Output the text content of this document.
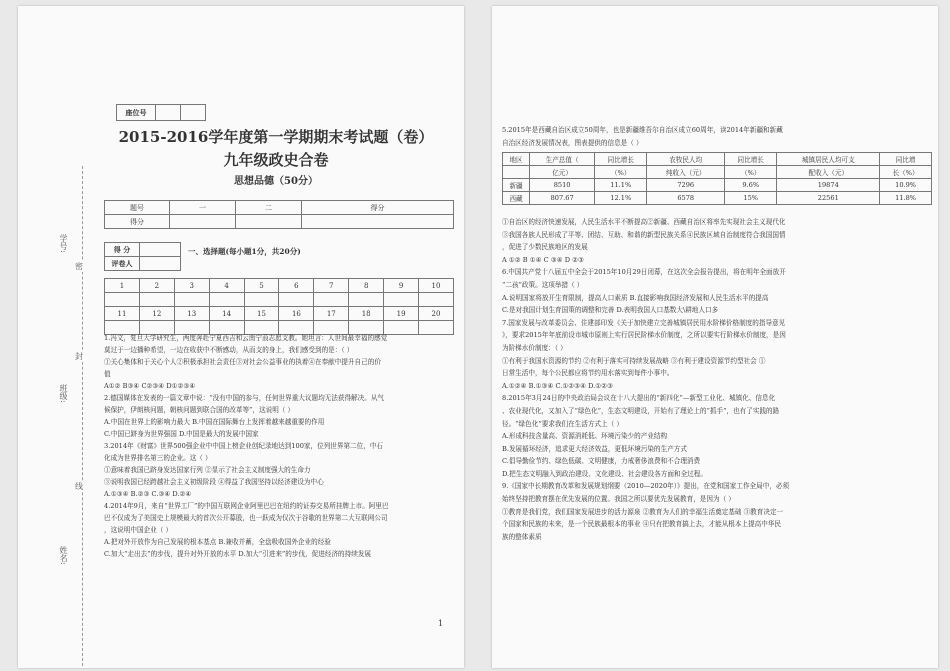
密
封
线
学号:
班级:
姓名:
座位号		
2015-2016学年度第一学期期末考试题（卷）
九年级政史合卷
思想品德（50分）
题号	一	二	得分
得分			
得 分	
评卷人	
一、选择题(每小题1分，共20分)
1	2	3	4	5	6	7	8	9	10

11	12	13	14	15	16	17	18	19	20

1.冯文，复旦大学研究生，两度奔赴宁夏西吉和云南宁蒗志愿支教。她坦言：人世间最幸福的感觉
莫过于一边播种希望，一边在收获中不断感动，从而支的身上，我们感受到的是：（ ）
①关心集体和于关心个人②积极承担社会责任③对社会公益事业的执着④在奉献中提升自己的价
值
A①② B③④ C②③④ D①②③④
2.德国媒体在发表的一篇文章中说：“没有中国的参与，任何世界重大议题均无法获得解决。从气
候保护，伊朗核问题，朝核问题到联合国的改革等”，这说明（ ）
A.中国在世界上的影响力最大 B.中国在国际舞台上发挥着越来越重要的作用
C.中国已跻身为世界强国 D.中国是最大的发展中国家
3.2014年《财富》世界500强企业中中国上榜企业创纪录地达到100家，位列世界第二位，中石
化成为世界排名第三的企业。这（ ）
①意味着我国已跻身发达国家行列 ②显示了社会主义制度强大的生命力
③说明我国已经跨越社会主义初级阶段 ④得益了我国坚持以经济建设为中心
A.①③④ B.②③ C.③④ D.②④
4.2014年9月，来自“世界工厂”的中国互联网企业阿里巴巴在纽约的证券交易所挂牌上市。阿里巴
巴不仅成为了美国史上规模最大的首次公开募股，也一跃成为仅次于谷歌的世界第二大互联网公司
，这说明中国企业（ ）
A.把对外开放作为自己发展的根本基点 B.兼收并蓄，全盘吸收国外企业的经验
C.加大“走出去”的步伐，提升对外开放的水平 D.加大“引进来”的步伐，促进经济的持续发展
1
5.2015年是西藏自治区成立50周年，也是新疆维吾尔自治区成立60周年，读2014年新疆和新藏
自治区经济发展情况表，图表提供的信息是（ ）
地区	生产总值（	同比增长	农牧民人均	同比增长	城镇居民人均可支	同比增
	亿元）	（%）	纯收入（元）	（%）	配收入（元）	长（%）
新疆	8510	11.1%	7296	9.6%	19874	10.9%
西藏	807.67	12.1%	6578	15%	22561	11.8%
①自治区的经济快速发展，人民生活水平不断提高②新疆、西藏自治区将率先实现社会主义现代化
③我国各族人民形成了平等、团结、互助、和谐的新型民族关系④民族区域自治制度符合我国国情
，促进了少数民族地区的发展
A ①② B ①④ C ③④ D ②③
6.中国共产党十八届五中全会于2015年10月29日闭幕，在这次全会报告提出，将在明年全面放开
“二孩”政策。这项举措（ ）
A.说明国家将放开生育限制，提高人口素质 B.直接影响我国经济发展和人民生活水平的提高
C.是对我国计划生育国策的调整和完善 D.表明我国人口基数大\耕地人口多
7.国家发展与改革委员会、住建部印发《关于加快建立完善城镇居民用水阶梯价格制度的指导意见
》，要求2015年年底前设市城市原则上实行居民阶梯水价制度，之所以要实行阶梯水价制度，是因
为阶梯水价制度：（ ）
①有利于我国水资源的节约 ②有利于落实可持续发展战略 ③有利于建设资源节约型社会 ①
日常生活中，每个公民都应将节约用水落实到每件小事中。
A.①②④ B.①③④ C.①②③④ D.①②③
8.2015年3月24日的中央政治局会议在十八大提出的“新四化”—新型工业化、城镇化、信息化
、农业现代化，又加入了“绿色化”，生态文明建设，开始有了理论上的“抓手”，也有了实践的路
径。“绿色化”要求我们在生活方式上（ ）
A.形成科技含量高、资源消耗低、环境污染少的产业结构
B.发展循环经济，追求更大经济效益，更低环境污染的生产方式
C.倡导勤俭节约、绿色低碳、文明健康，力戒奢侈浪费和不合理消费
D.把生态文明融入到政治建设、文化建设、社会建设各方面和全过程。
9.《国家中长期教育改革和发展规划纲要（2010—2020年）》提出，在党和国家工作全局中，必须
始终坚持把教育摆在优先发展的位置。我国之所以要优先发展教育，是因为（ ）
①教育是我们党，我们国家发展进步的活力源泉 ②教育为人们的幸福生活奠定基础 ③教育决定一
个国家和民族的未来，是一个民族最根本的事业 ④只有把教育搞上去，才能从根本上提高中华民
族的整体素质
